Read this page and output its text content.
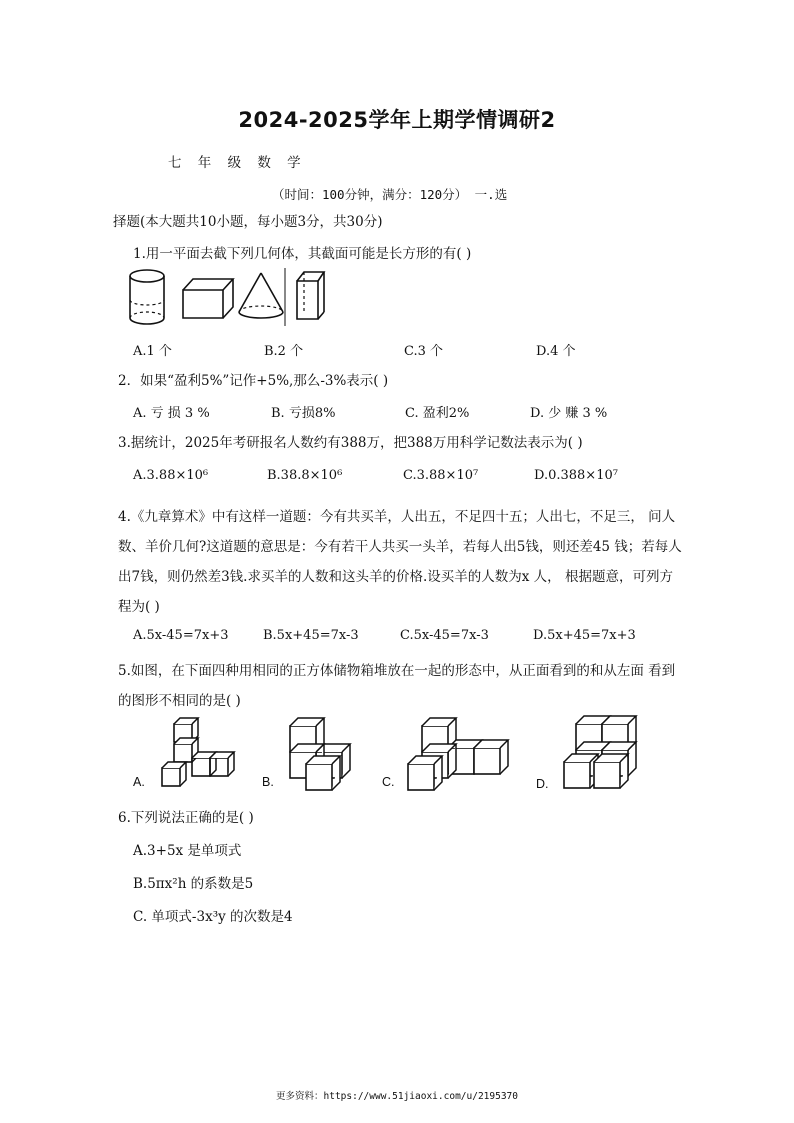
2024-2025学年上期学情调研2
七 年 级 数 学
（时间：100分钟，满分：120分） 一.选
择题(本大题共10小题，每小题3分，共30分)
1.用一平面去截下列几何体，其截面可能是长方形的有( )
A.1 个	B.2 个	C.3 个	D.4 个
2．如果“盈利5%”记作+5%,那么-3%表示( )
A. 亏 损 3 %	B. 亏损8%	C. 盈利2%	D. 少 赚 3 %
3.据统计，2025年考研报名人数约有388万，把388万用科学记数法表示为( )
A.3.88×10⁶	B.38.8×10⁶	C.3.88×10⁷	D.0.388×10⁷
4.《九章算术》中有这样一道题：今有共买羊，人出五，不足四十五；人出七，不足三， 问人
数、羊价几何?这道题的意思是：今有若干人共买一头羊，若每人出5钱，则还差45 钱；若每人
出7钱，则仍然差3钱.求买羊的人数和这头羊的价格.设买羊的人数为x 人， 根据题意，可列方
程为( )
A.5x-45=7x+3	B.5x+45=7x-3	C.5x-45=7x-3	D.5x+45=7x+3
5.如图，在下面四种用相同的正方体储物箱堆放在一起的形态中，从正面看到的和从左面 看到
的图形不相同的是( )
A.	B.	C.	D.
6.下列说法正确的是( )
A.3+5x 是单项式
B.5πx²h 的系数是5
C. 单项式-3x³y 的次数是4
更多资料：https://www.51jiaoxi.com/u/2195370
